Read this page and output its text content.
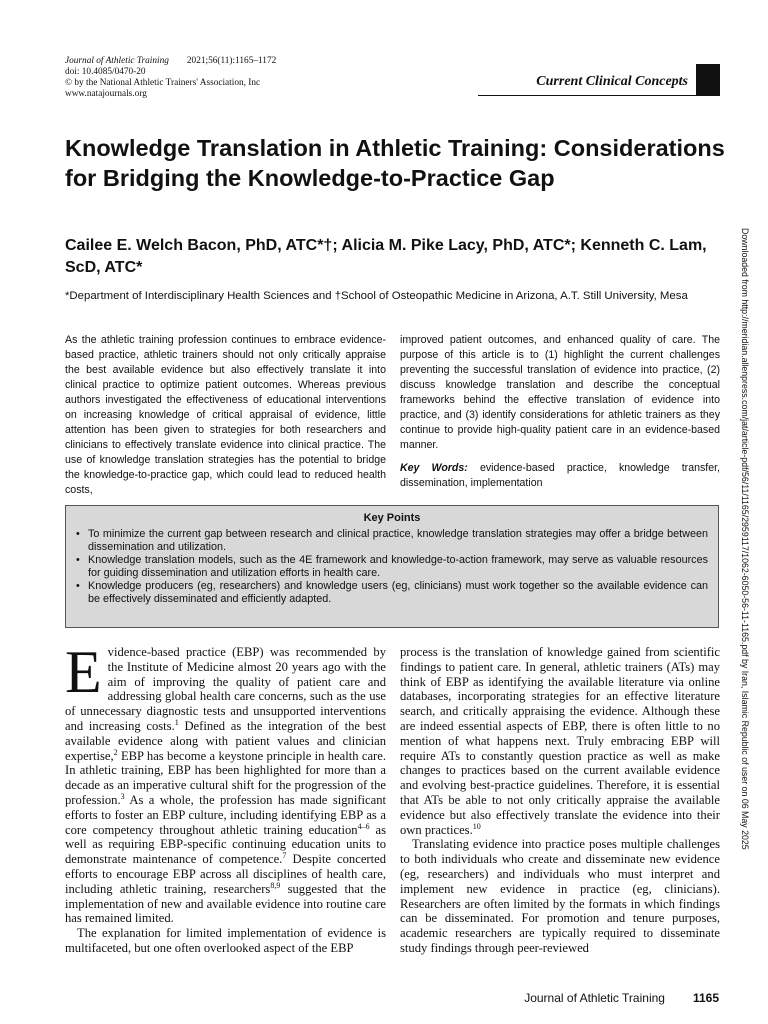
Journal of Athletic Training 2021;56(11):1165–1172
doi: 10.4085/0470-20
© by the National Athletic Trainers' Association, Inc
www.natajournals.org
Current Clinical Concepts
Knowledge Translation in Athletic Training: Considerations for Bridging the Knowledge-to-Practice Gap
Cailee E. Welch Bacon, PhD, ATC*†; Alicia M. Pike Lacy, PhD, ATC*; Kenneth C. Lam, ScD, ATC*
*Department of Interdisciplinary Health Sciences and †School of Osteopathic Medicine in Arizona, A.T. Still University, Mesa

As the athletic training profession continues to embrace evidence-based practice, athletic trainers should not only critically appraise the best available evidence but also effectively translate it into clinical practice to optimize patient outcomes. Whereas previous authors investigated the effectiveness of educational interventions on increasing knowledge of critical appraisal of evidence, little attention has been given to strategies for both researchers and clinicians to effectively translate evidence into clinical practice. The use of knowledge translation strategies has the potential to bridge the knowledge-to-practice gap, which could lead to reduced health costs,

improved patient outcomes, and enhanced quality of care. The purpose of this article is to (1) highlight the current challenges preventing the successful translation of evidence into practice, (2) discuss knowledge translation and describe the conceptual frameworks behind the effective translation of evidence into practice, and (3) identify considerations for athletic trainers as they continue to provide high-quality patient care in an evidence-based manner.

Key Words: evidence-based practice, knowledge transfer, dissemination, implementation

Key Points
• To minimize the current gap between research and clinical practice, knowledge translation strategies may offer a bridge between dissemination and utilization.
• Knowledge translation models, such as the 4E framework and knowledge-to-action framework, may serve as valuable resources for guiding dissemination and utilization efforts in health care.
• Knowledge producers (eg, researchers) and knowledge users (eg, clinicians) must work together so the available evidence can be effectively disseminated and efficiently adapted.

Evidence-based practice (EBP) was recommended by the Institute of Medicine almost 20 years ago with the aim of improving the quality of patient care and addressing global health care concerns, such as the use of unnecessary diagnostic tests and unsupported interventions and increasing costs.$^1$ Defined as the integration of the best available evidence along with patient values and clinician expertise,$^2$ EBP has become a keystone principle in health care. In athletic training, EBP has been highlighted for more than a decade as an imperative cultural shift for the progression of the profession.$^3$ As a whole, the profession has made significant efforts to foster an EBP culture, including identifying EBP as a core competency throughout athletic training education$^{4-6}$ as well as requiring EBP-specific continuing education units to demonstrate maintenance of competence.$^7$ Despite concerted efforts to encourage EBP across all disciplines of health care, including athletic training, researchers$^{8,9}$ suggested that the implementation of new and available evidence into routine care has remained limited.

The explanation for limited implementation of evidence is multifaceted, but one often overlooked aspect of the EBP

process is the translation of knowledge gained from scientific findings to patient care. In general, athletic trainers (ATs) may think of EBP as identifying the available literature via online databases, incorporating strategies for an effective literature search, and critically appraising the evidence. Although these are indeed essential aspects of EBP, there is often little to no mention of what happens next. Truly embracing EBP will require ATs to constantly question practice as well as make changes to practices based on the current available evidence and evolving best-practice guidelines. Therefore, it is essential that ATs be able to not only critically appraise the available evidence but also effectively translate the evidence into their own practices.$^{10}$

Translating evidence into practice poses multiple challenges to both individuals who create and disseminate new evidence (eg, researchers) and individuals who must interpret and implement new evidence in practice (eg, clinicians). Researchers are often limited by the formats in which findings can be disseminated. For promotion and tenure purposes, academic researchers are typically required to disseminate study findings through peer-reviewed

Downloaded from http://meridian.allenpress.com/jat/article-pdf/56/11/1165/2959117/1062-6050-56-11-1165.pdf by Iran, Islamic Republic of user on 06 May 2025
Journal of Athletic Training 1165
